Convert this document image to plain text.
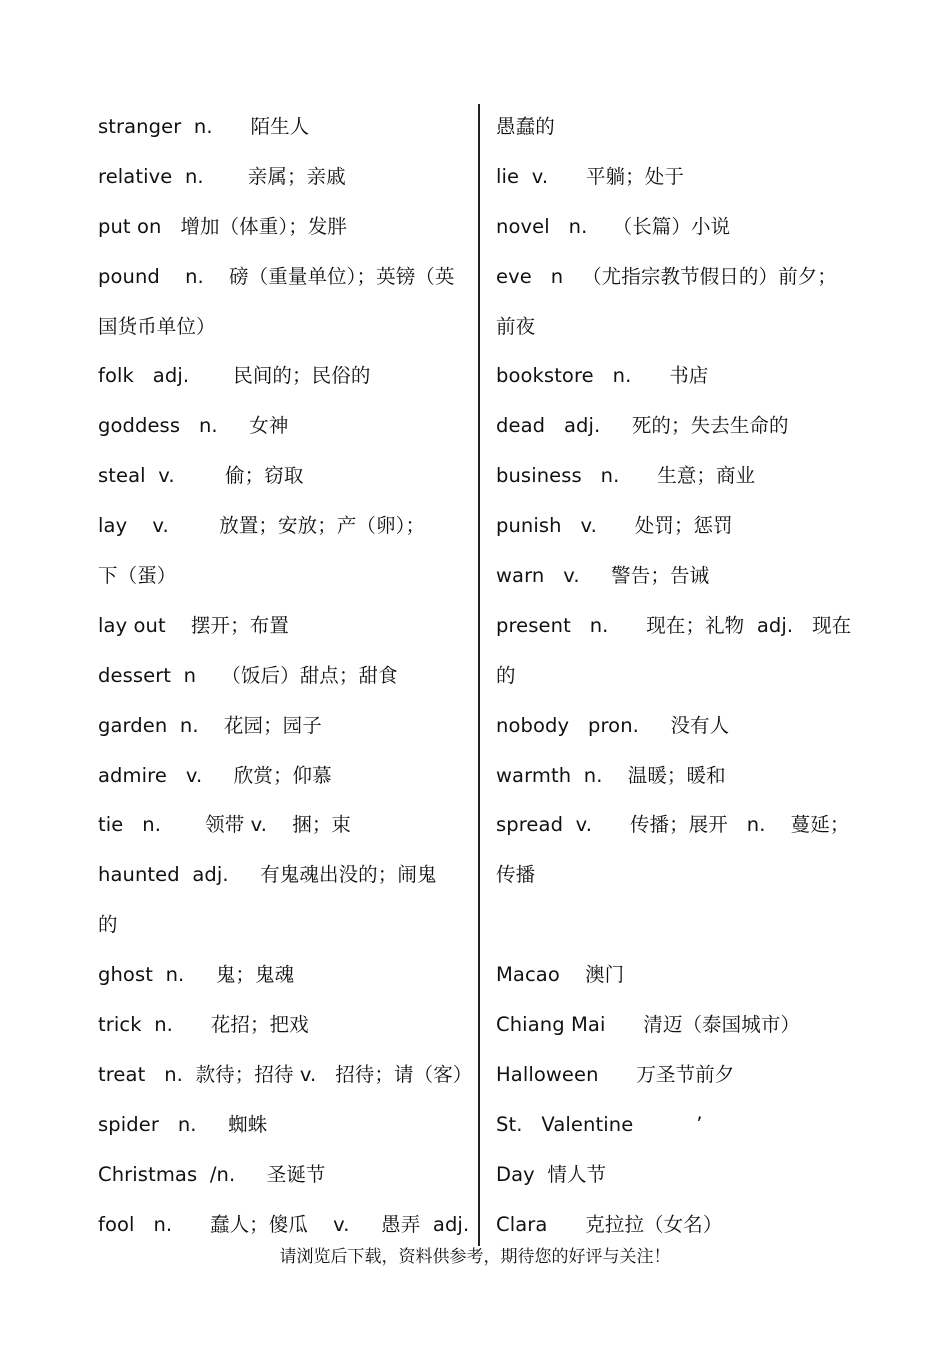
stranger  n.      陌生人
relative  n.       亲属；亲戚
put on   增加（体重）；发胖
pound    n.    磅（重量单位）；英镑（英
国货币单位）
folk   adj.       民间的；民俗的
goddess   n.     女神
steal  v.        偷；窃取
lay    v.        放置；安放；产（卵）；
下（蛋）
lay out    摆开；布置
dessert  n    （饭后）甜点；甜食
garden  n.    花园；园子
admire   v.     欣赏；仰慕
tie   n.       领带 v.    捆；束
haunted  adj.     有鬼魂出没的；闹鬼
的
ghost  n.     鬼；鬼魂
trick  n.      花招；把戏
treat   n.  款待；招待 v.   招待；请（客）
spider   n.     蜘蛛
Christmas  /n.     圣诞节
fool   n.      蠢人；傻瓜    v.     愚弄  adj.
愚蠢的
lie  v.      平躺；处于
novel   n.    （长篇）小说
eve   n   （尤指宗教节假日的）前夕；
前夜
bookstore   n.      书店
dead   adj.     死的；失去生命的
business   n.      生意；商业
punish   v.      处罚；惩罚
warn   v.     警告；告诫
present   n.      现在；礼物  adj.   现在
的
nobody   pron.     没有人
warmth  n.    温暖；暖和
spread  v.      传播；展开   n.    蔓延；
传播
Macao    澳门
Chiang Mai      清迈（泰国城市）
Halloween      万圣节前夕
St.   Valentine          ’
Day  情人节
Clara      克拉拉（女名）
请浏览后下载，资料供参考，期待您的好评与关注！
